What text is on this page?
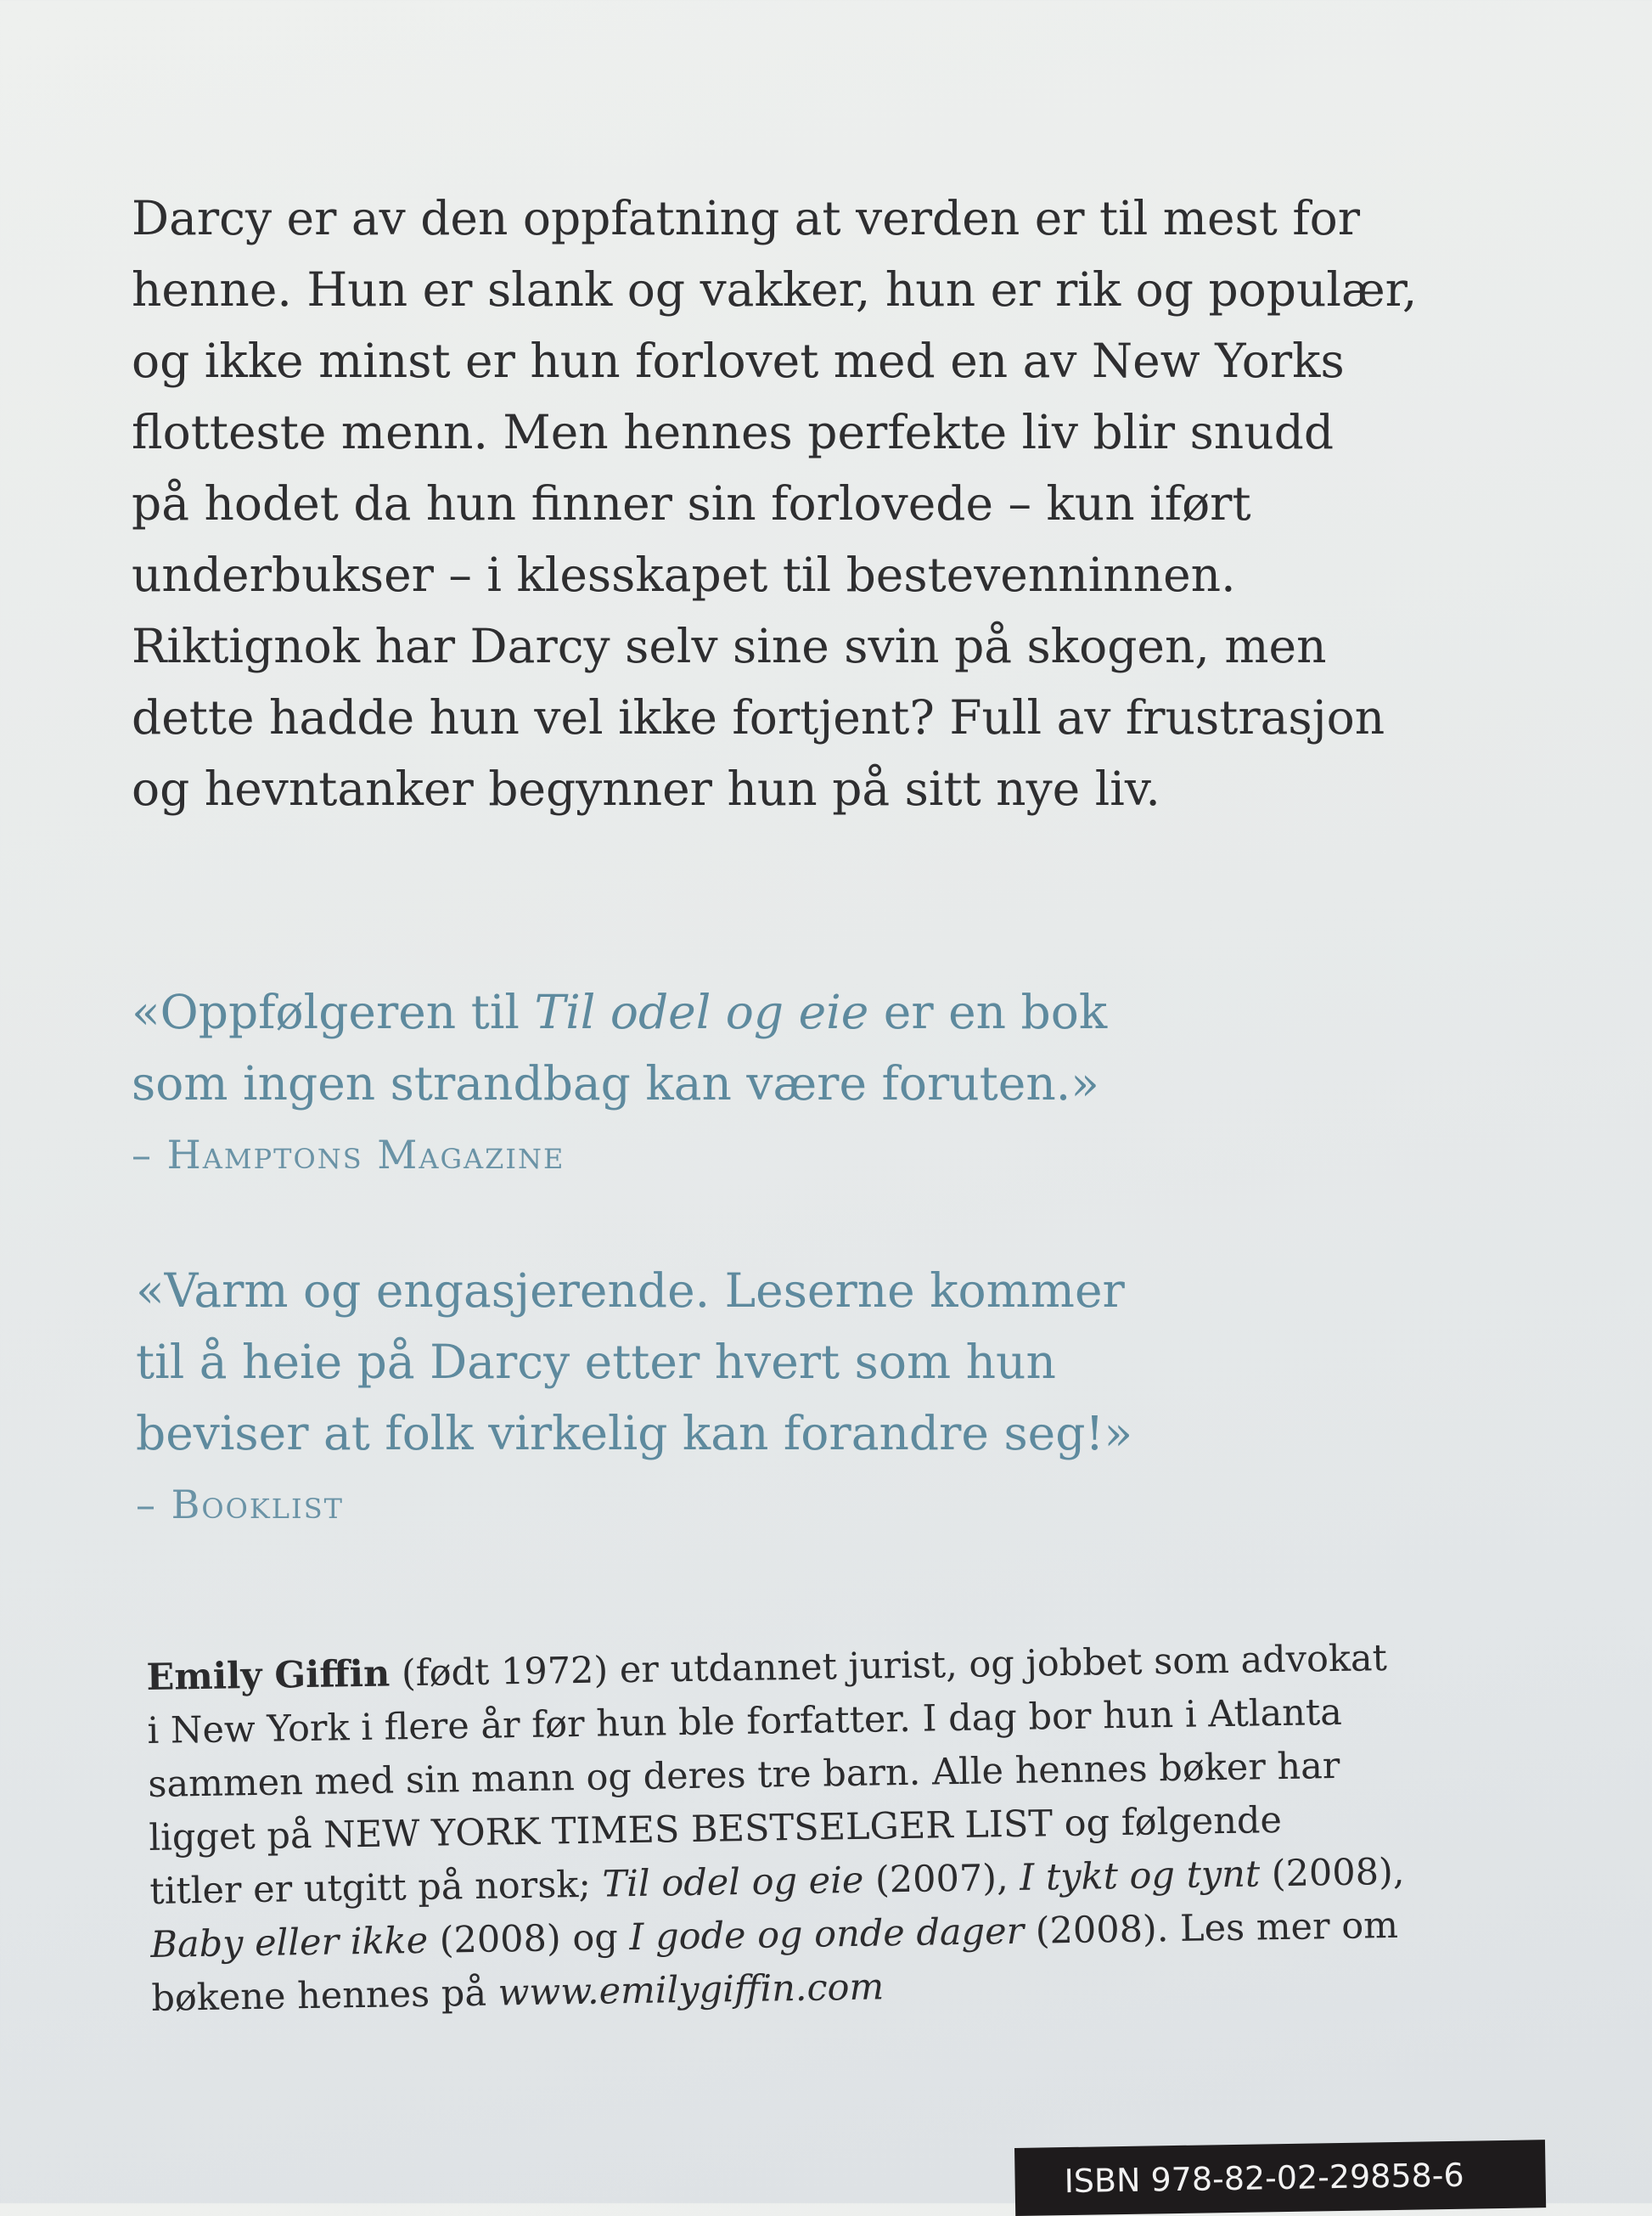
Darcy er av den oppfatning at verden er til mest for
henne. Hun er slank og vakker, hun er rik og populær,
og ikke minst er hun forlovet med en av New Yorks
flotteste menn. Men hennes perfekte liv blir snudd
på hodet da hun finner sin forlovede – kun iført
underbukser – i klesskapet til bestevenninnen.
Riktignok har Darcy selv sine svin på skogen, men
dette hadde hun vel ikke fortjent? Full av frustrasjon
og hevntanker begynner hun på sitt nye liv.
«Oppfølgeren til Til odel og eie er en bok
som ingen strandbag kan være foruten.»
– Hamptons Magazine
«Varm og engasjerende. Leserne kommer
til å heie på Darcy etter hvert som hun
beviser at folk virkelig kan forandre seg!»
– Booklist
Emily Giffin (født 1972) er utdannet jurist, og jobbet som advokat
i New York i flere år før hun ble forfatter. I dag bor hun i Atlanta
sammen med sin mann og deres tre barn. Alle hennes bøker har
ligget på NEW YORK TIMES BESTSELGER LIST og følgende
titler er utgitt på norsk; Til odel og eie (2007), I tykt og tynt (2008),
Baby eller ikke (2008) og I gode og onde dager (2008). Les mer om
bøkene hennes på www.emilygiffin.com
ISBN 978-82-02-29858-6
